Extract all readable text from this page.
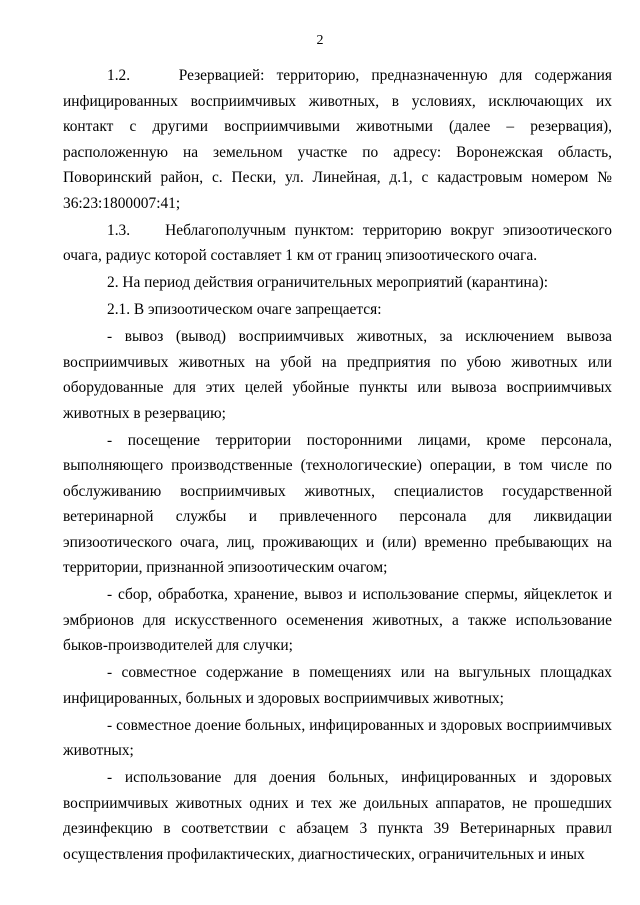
2

1.2.    Резервацией: территорию, предназначенную для содержания инфицированных восприимчивых животных, в условиях, исключающих их контакт с другими восприимчивыми животными (далее – резервация), расположенную на земельном участке по адресу: Воронежская область, Поворинский район, с. Пески, ул. Линейная, д.1, с кадастровым номером № 36:23:1800007:41;

1.3.    Неблагополучным пунктом: территорию вокруг эпизоотического очага, радиус которой составляет 1 км от границ эпизоотического очага.

2. На период действия ограничительных мероприятий (карантина):

2.1. В эпизоотическом очаге запрещается:

- вывоз (вывод) восприимчивых животных, за исключением вывоза восприимчивых животных на убой на предприятия по убою животных или оборудованные для этих целей убойные пункты или вывоза восприимчивых животных в резервацию;

- посещение территории посторонними лицами, кроме персонала, выполняющего производственные (технологические) операции, в том числе по обслуживанию восприимчивых животных, специалистов государственной ветеринарной службы и привлеченного персонала для ликвидации эпизоотического очага, лиц, проживающих и (или) временно пребывающих на территории, признанной эпизоотическим очагом;

- сбор, обработка, хранение, вывоз и использование спермы, яйцеклеток и эмбрионов для искусственного осеменения животных, а также использование быков-производителей для случки;

- совместное содержание в помещениях или на выгульных площадках инфицированных, больных и здоровых восприимчивых животных;

- совместное доение больных, инфицированных и здоровых восприимчивых животных;

- использование для доения больных, инфицированных и здоровых восприимчивых животных одних и тех же доильных аппаратов, не прошедших дезинфекцию в соответствии с абзацем 3 пункта 39 Ветеринарных правил осуществления профилактических, диагностических, ограничительных и иных
